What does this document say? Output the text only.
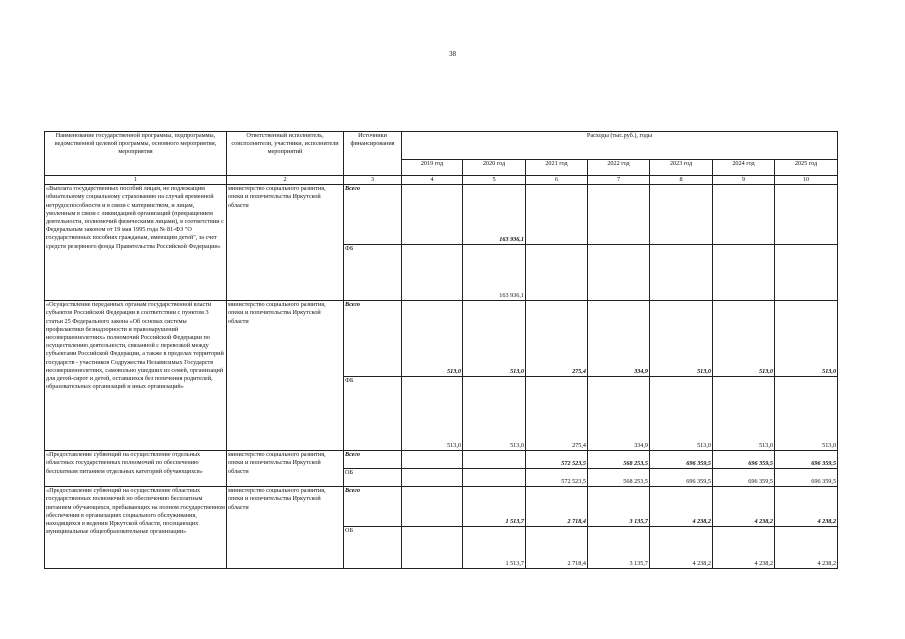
38
Наименование государственной программы, подпрограммы, ведомственной целевой программы, основного мероприятия, мероприятия	Ответственный исполнитель, соисполнители, участники, исполнители мероприятий	Источники финансирования	Расходы (тыс.руб.), годы						
			2019 год	2020 год	2021 год	2022 год	2023 год	2024 год	2025 год
1	2	3	4	5	6	7	8	9	10
«Выплата государственных пособий лицам, не подлежащим обязательному социальному страхованию на случай временной нетрудоспособности и в связи с материнством, и лицам, уволенным в связи с ликвидацией организаций (прекращением деятельности, полномочий физическими лицами), в соответствии с Федеральным законом от 19 мая 1995 года № 81-ФЗ "О государственных пособиях гражданам, имеющим детей", за счет средств резервного фонда Правительства Российской Федерации»	министерство социального развития, опеки и попечительства Иркутской области	Всего		163 936,1					
		ФБ		163 936,1					
«Осуществление переданных органам государственной власти субъектов Российской Федерации в соответствии с пунктом 3 статьи 25 Федерального закона «Об основах системы профилактики безнадзорности и правонарушений несовершеннолетних» полномочий Российской Федерации по осуществлению деятельности, связанной с перевозкой между субъектами Российской Федерации, а также в пределах территорий государств - участников Содружества Независимых Государств несовершеннолетних, самовольно ушедших из семей, организаций для детей-сирот и детей, оставшихся без попечения родителей, образовательных организаций и иных организаций»	министерство социального развития, опеки и попечительства Иркутской области	Всего	513,0	513,0	275,4	334,9	513,0	513,0	513,0
		ФБ	513,0	513,0	275,4	334,9	513,0	513,0	513,0
«Предоставление субвенций на осуществление отдельных областных государственных полномочий по обеспечению бесплатным питанием отдельных категорий обучающихся»	министерство социального развития, опеки и попечительства Иркутской области	Всего			572 523,5	568 253,5	696 359,5	696 359,5	696 359,5
		ОБ			572 523,5	568 253,5	696 359,5	696 359,5	696 359,5
«Предоставление субвенций на осуществление областных государственных полномочий по обеспечению бесплатным питанием обучающихся, пребывающих на полном государственном обеспечении в организациях социального обслуживания, находящихся в ведении Иркутской области, посещающих муниципальные общеобразовательные организации»	министерство социального развития, опеки и попечительства Иркутской области	Всего		1 513,7	2 718,4	3 135,7	4 238,2	4 238,2	4 238,2
		ОБ		1 513,7	2 718,4	3 135,7	4 238,2	4 238,2	4 238,2
